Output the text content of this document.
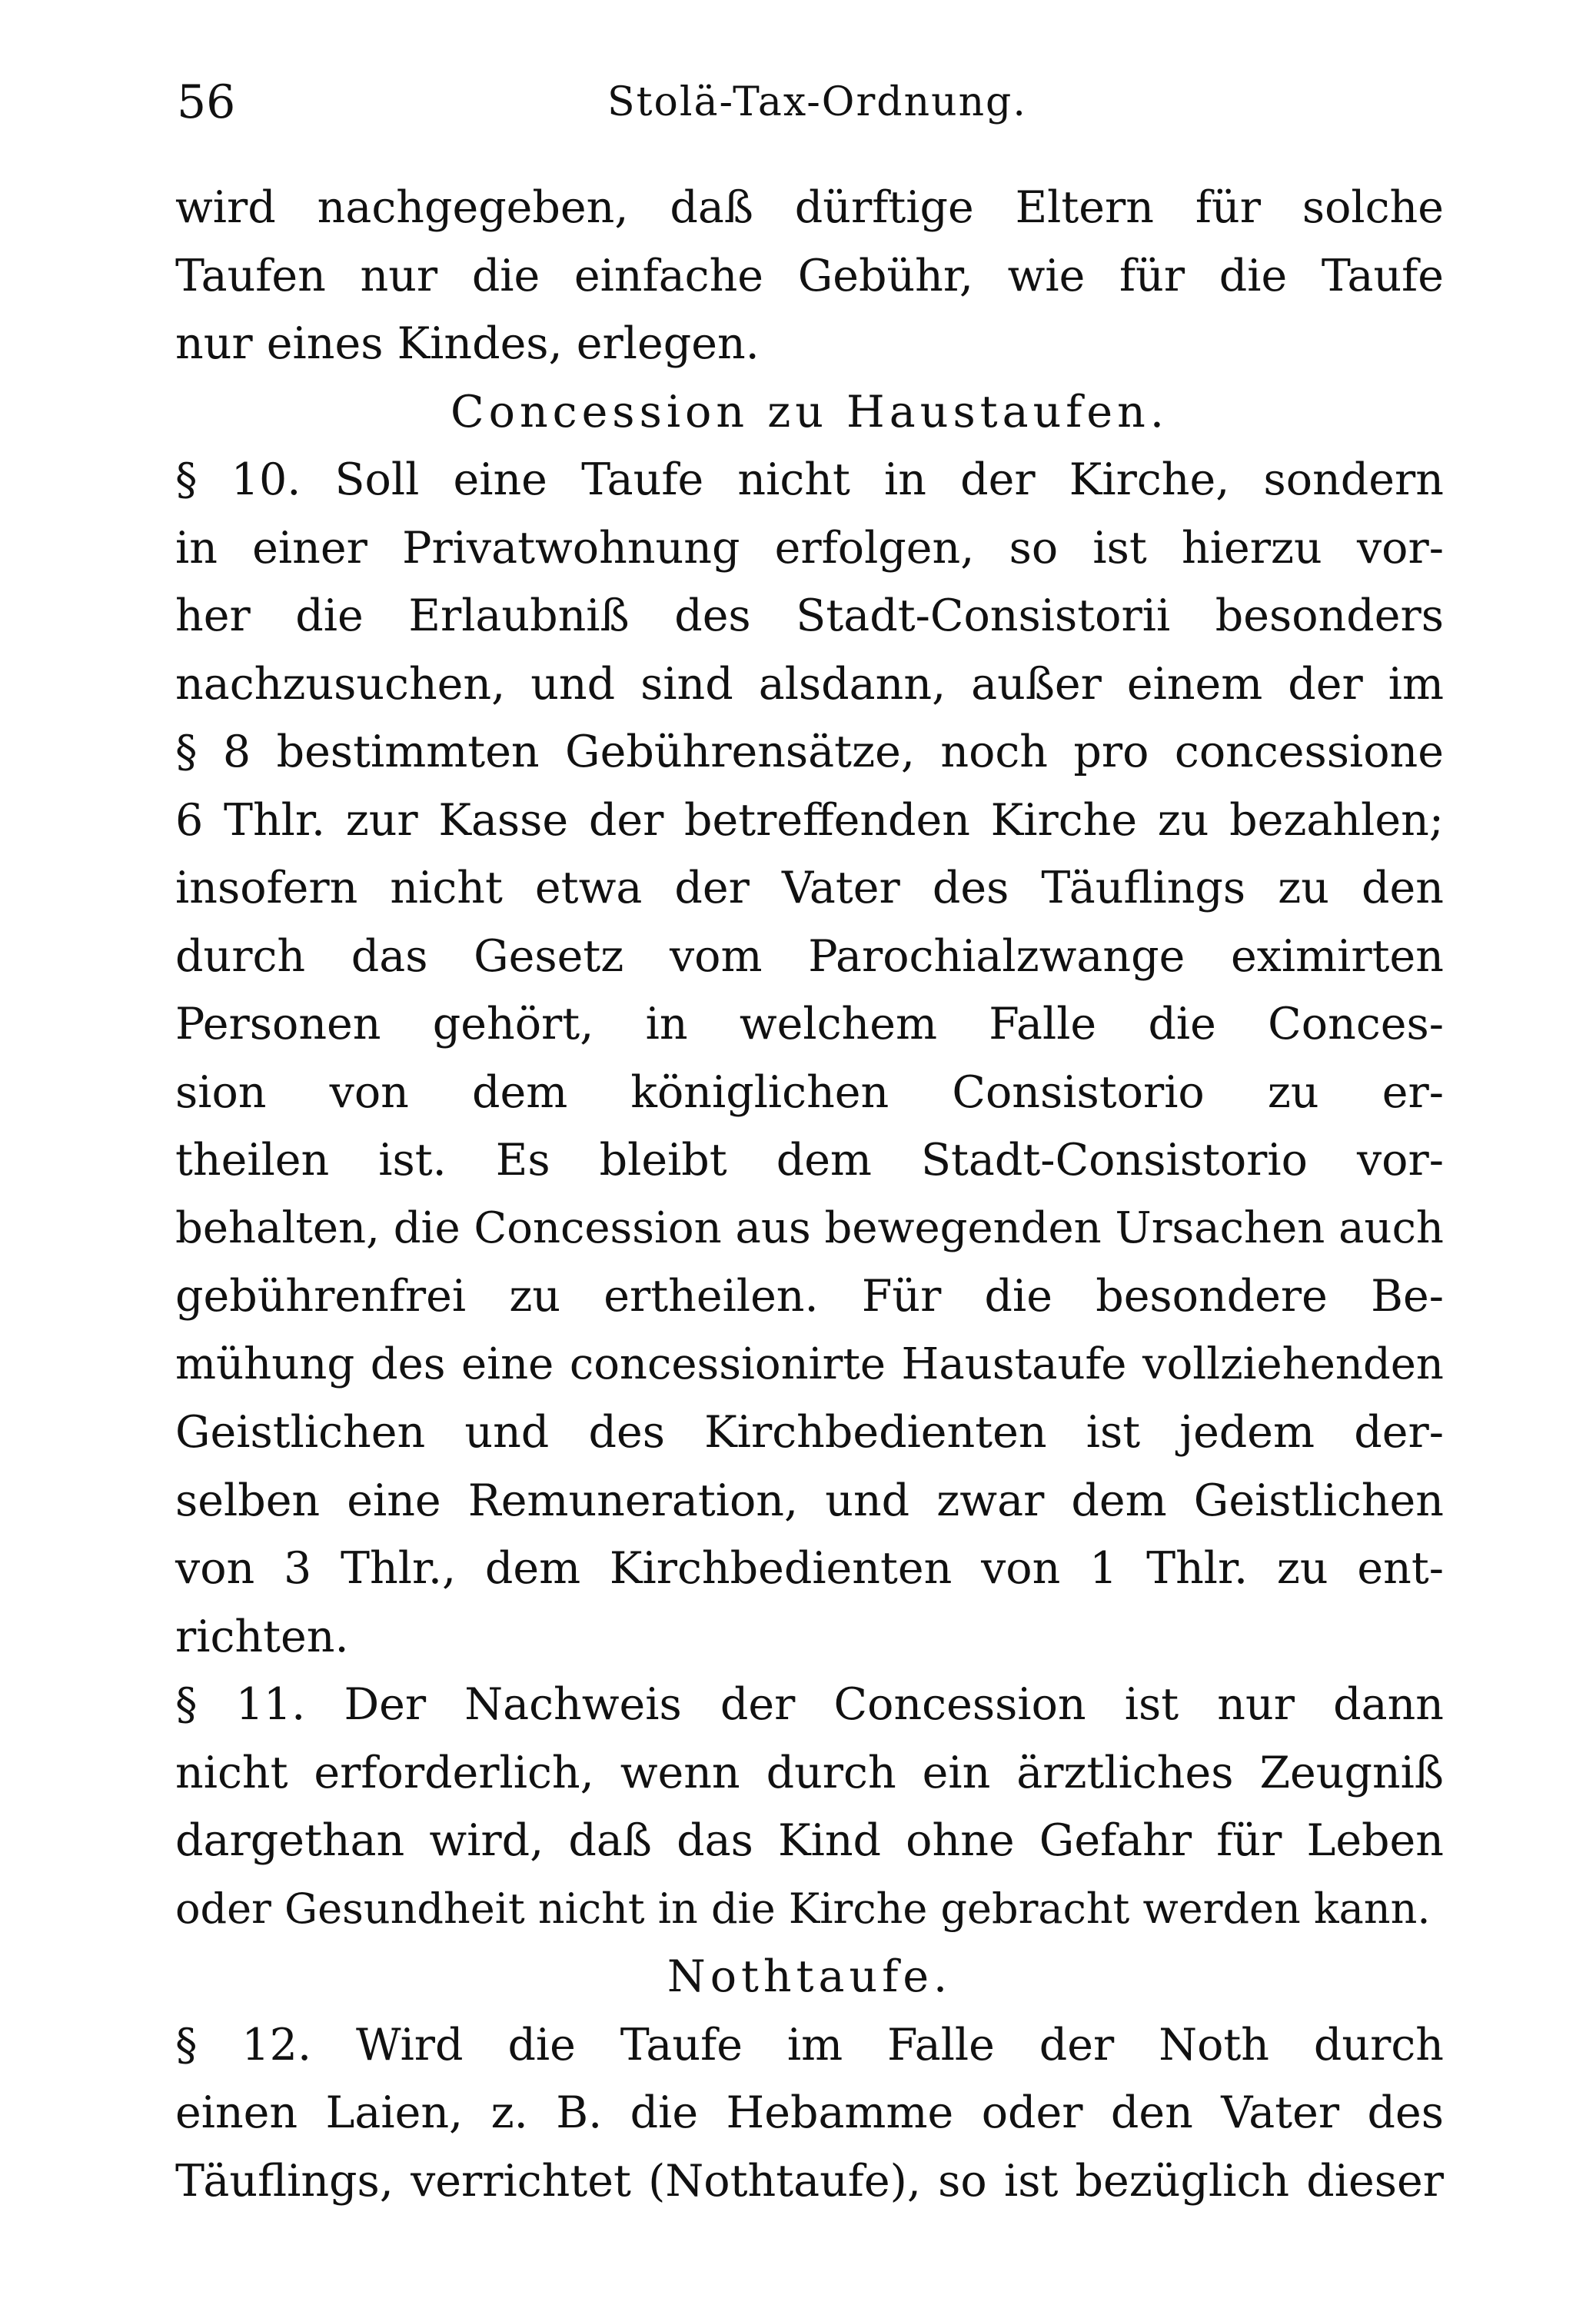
56	Stolä-Tax-Ordnung.
wird nachgegeben, daß dürftige Eltern für solche
Taufen nur die einfache Gebühr, wie für die Taufe
nur eines Kindes, erlegen.
Concession zu Haustaufen.
§ 10. Soll eine Taufe nicht in der Kirche, sondern
in einer Privatwohnung erfolgen, so ist hierzu vor-
her die Erlaubniß des Stadt-Consistorii besonders
nachzusuchen, und sind alsdann, außer einem der im
§ 8 bestimmten Gebührensätze, noch pro concessione
6 Thlr. zur Kasse der betreffenden Kirche zu bezahlen;
insofern nicht etwa der Vater des Täuflings zu den
durch das Gesetz vom Parochialzwange eximirten
Personen gehört, in welchem Falle die Conces-
sion von dem königlichen Consistorio zu er-
theilen ist. Es bleibt dem Stadt-Consistorio vor-
behalten, die Concession aus bewegenden Ursachen auch
gebührenfrei zu ertheilen. Für die besondere Be-
mühung des eine concessionirte Haustaufe vollziehenden
Geistlichen und des Kirchbedienten ist jedem der-
selben eine Remuneration, und zwar dem Geistlichen
von 3 Thlr., dem Kirchbedienten von 1 Thlr. zu ent-
richten.
§ 11. Der Nachweis der Concession ist nur dann
nicht erforderlich, wenn durch ein ärztliches Zeugniß
dargethan wird, daß das Kind ohne Gefahr für Leben
oder Gesundheit nicht in die Kirche gebracht werden kann.
Nothtaufe.
§ 12. Wird die Taufe im Falle der Noth durch
einen Laien, z. B. die Hebamme oder den Vater des
Täuflings, verrichtet (Nothtaufe), so ist bezüglich dieser
